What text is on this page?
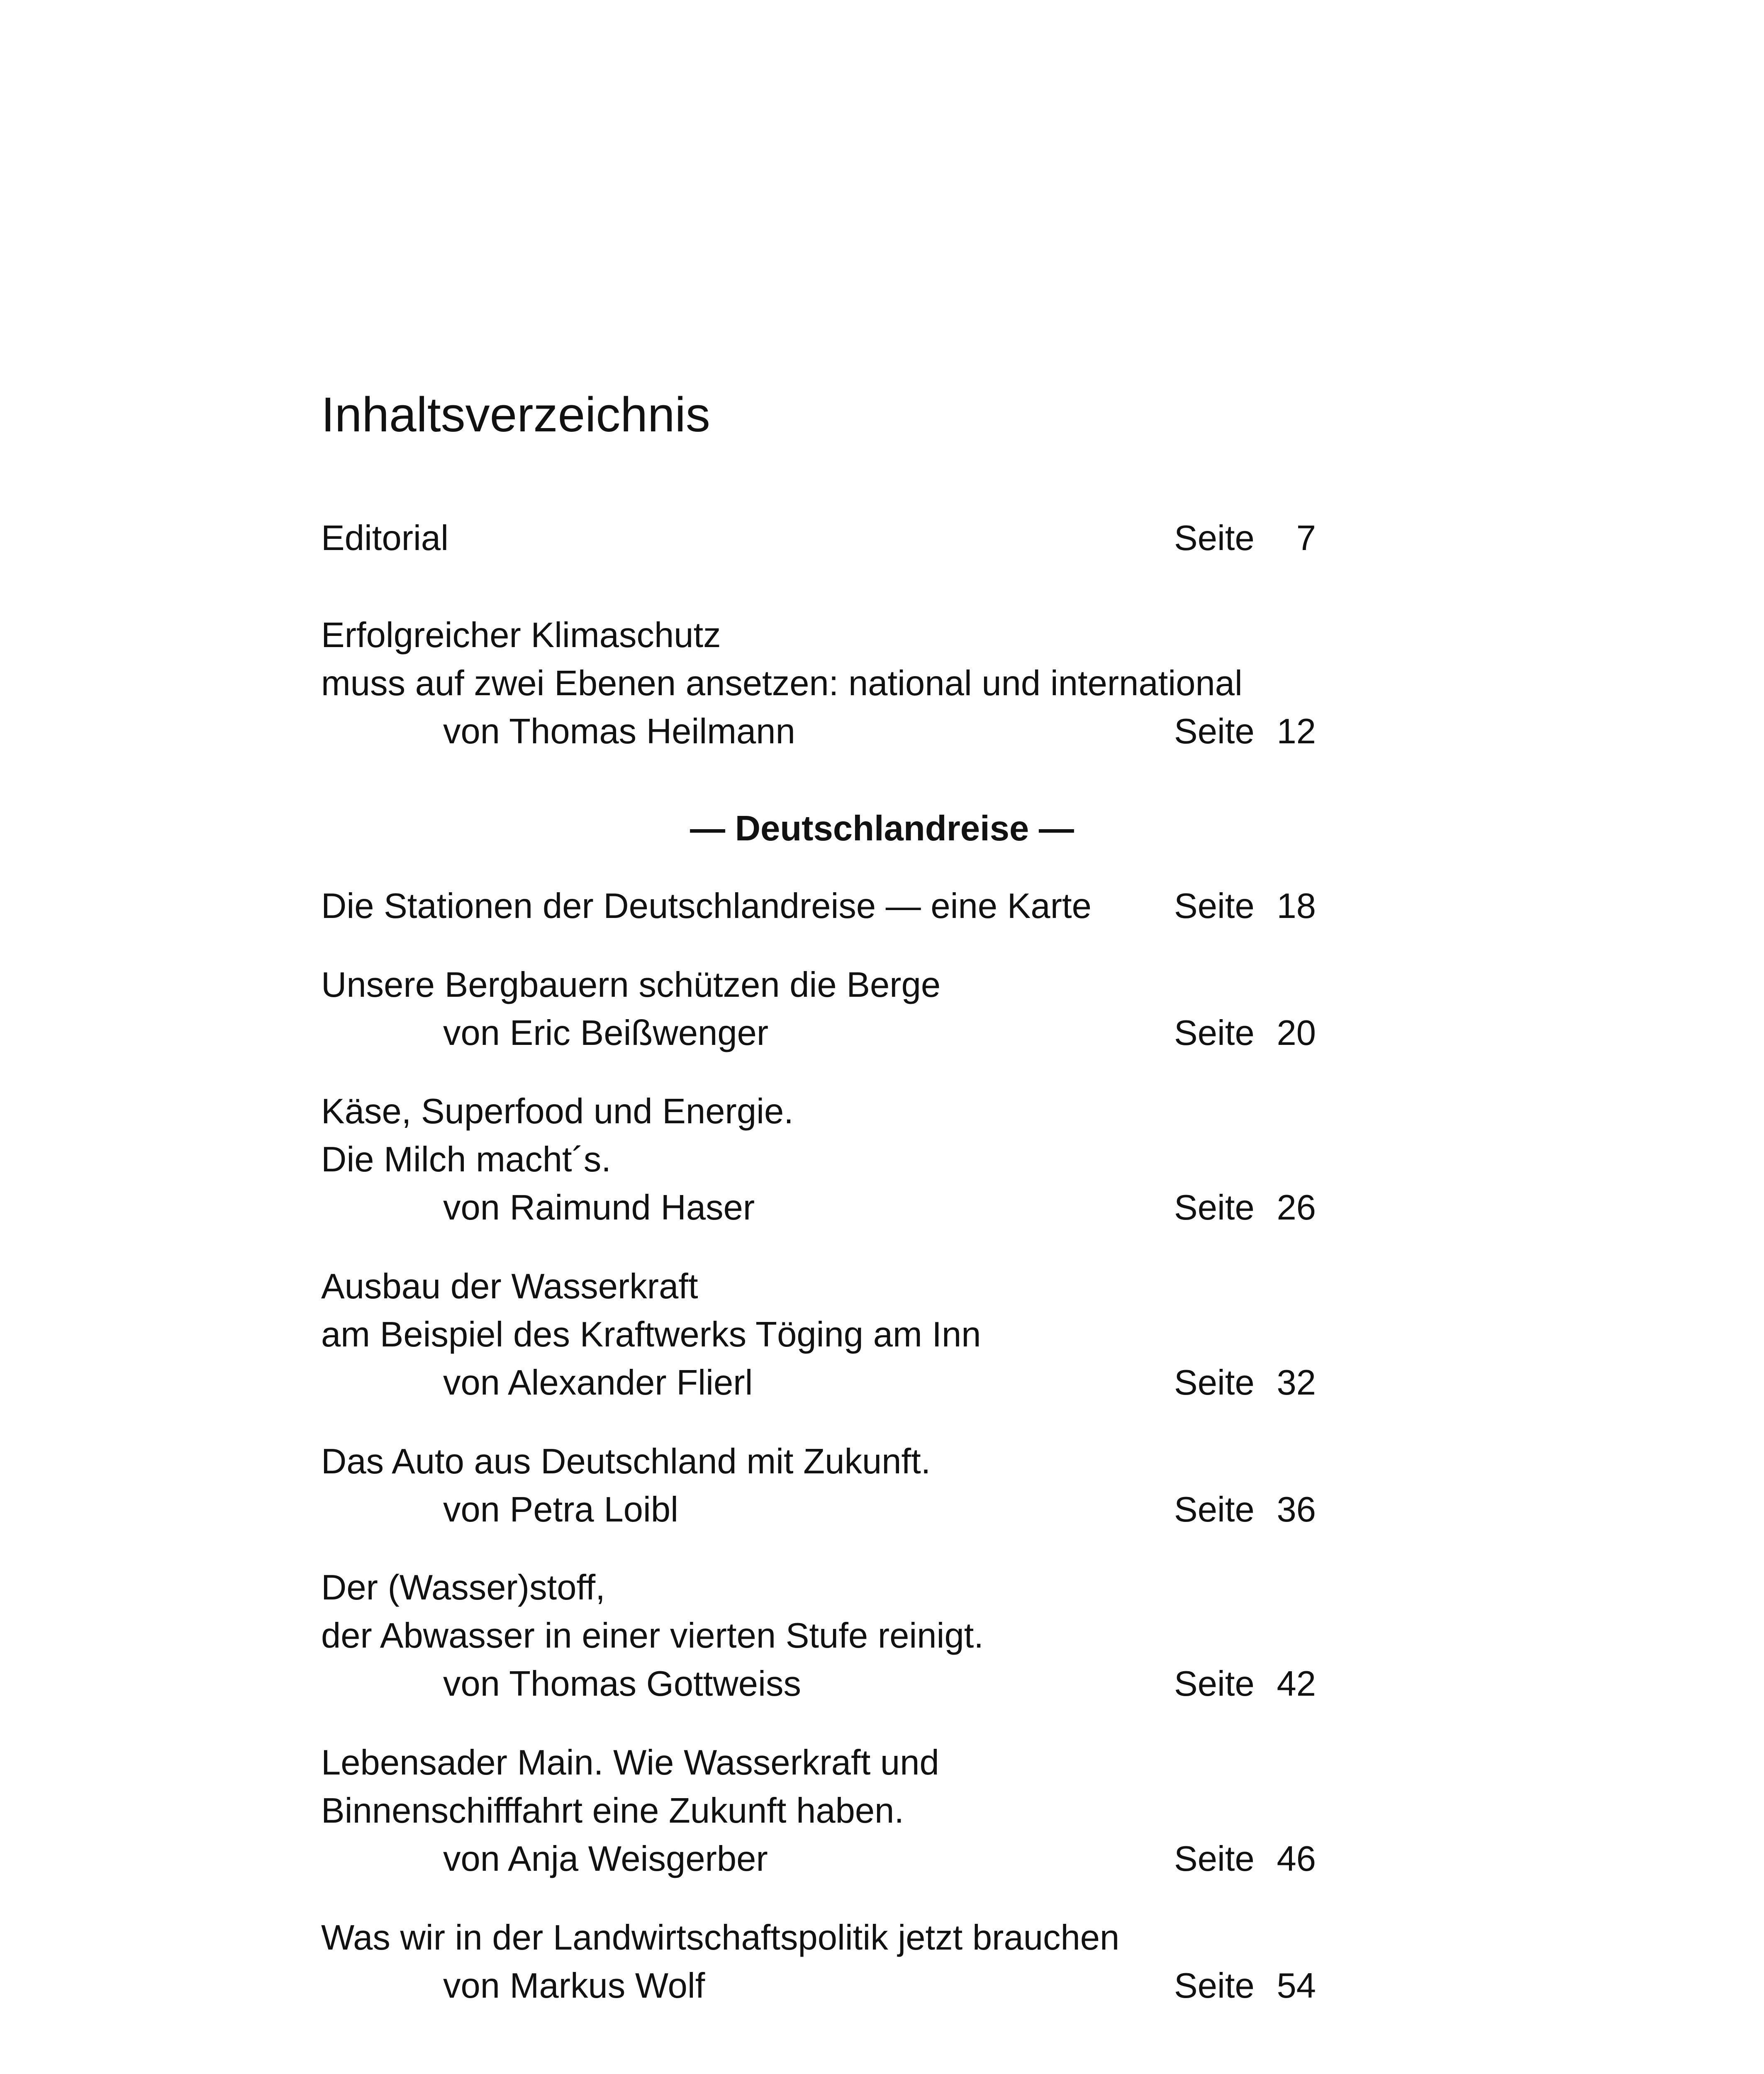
Inhaltsverzeichnis
Editorial	Seite	7
Erfolgreicher Klimaschutz
muss auf zwei Ebenen ansetzen: national und international
von Thomas Heilmann	Seite 12
— Deutschlandreise —
Die Stationen der Deutschlandreise — eine Karte Seite 18
Unsere Bergbauern schützen die Berge
von Eric Beißwenger	Seite 20
Käse, Superfood und Energie.
Die Milch macht´s.
von Raimund Haser	Seite 26
Ausbau der Wasserkraft
am Beispiel des Kraftwerks Töging am Inn
von Alexander Flierl	Seite 32
Das Auto aus Deutschland mit Zukunft.
von Petra Loibl	Seite 36
Der (Wasser)stoff,
der Abwasser in einer vierten Stufe reinigt.
von Thomas Gottweiss	Seite 42
Lebensader Main. Wie Wasserkraft und
Binnenschifffahrt eine Zukunft haben.
von Anja Weisgerber	Seite 46
Was wir in der Landwirtschaftspolitik jetzt brauchen
von Markus Wolf	Seite 54
